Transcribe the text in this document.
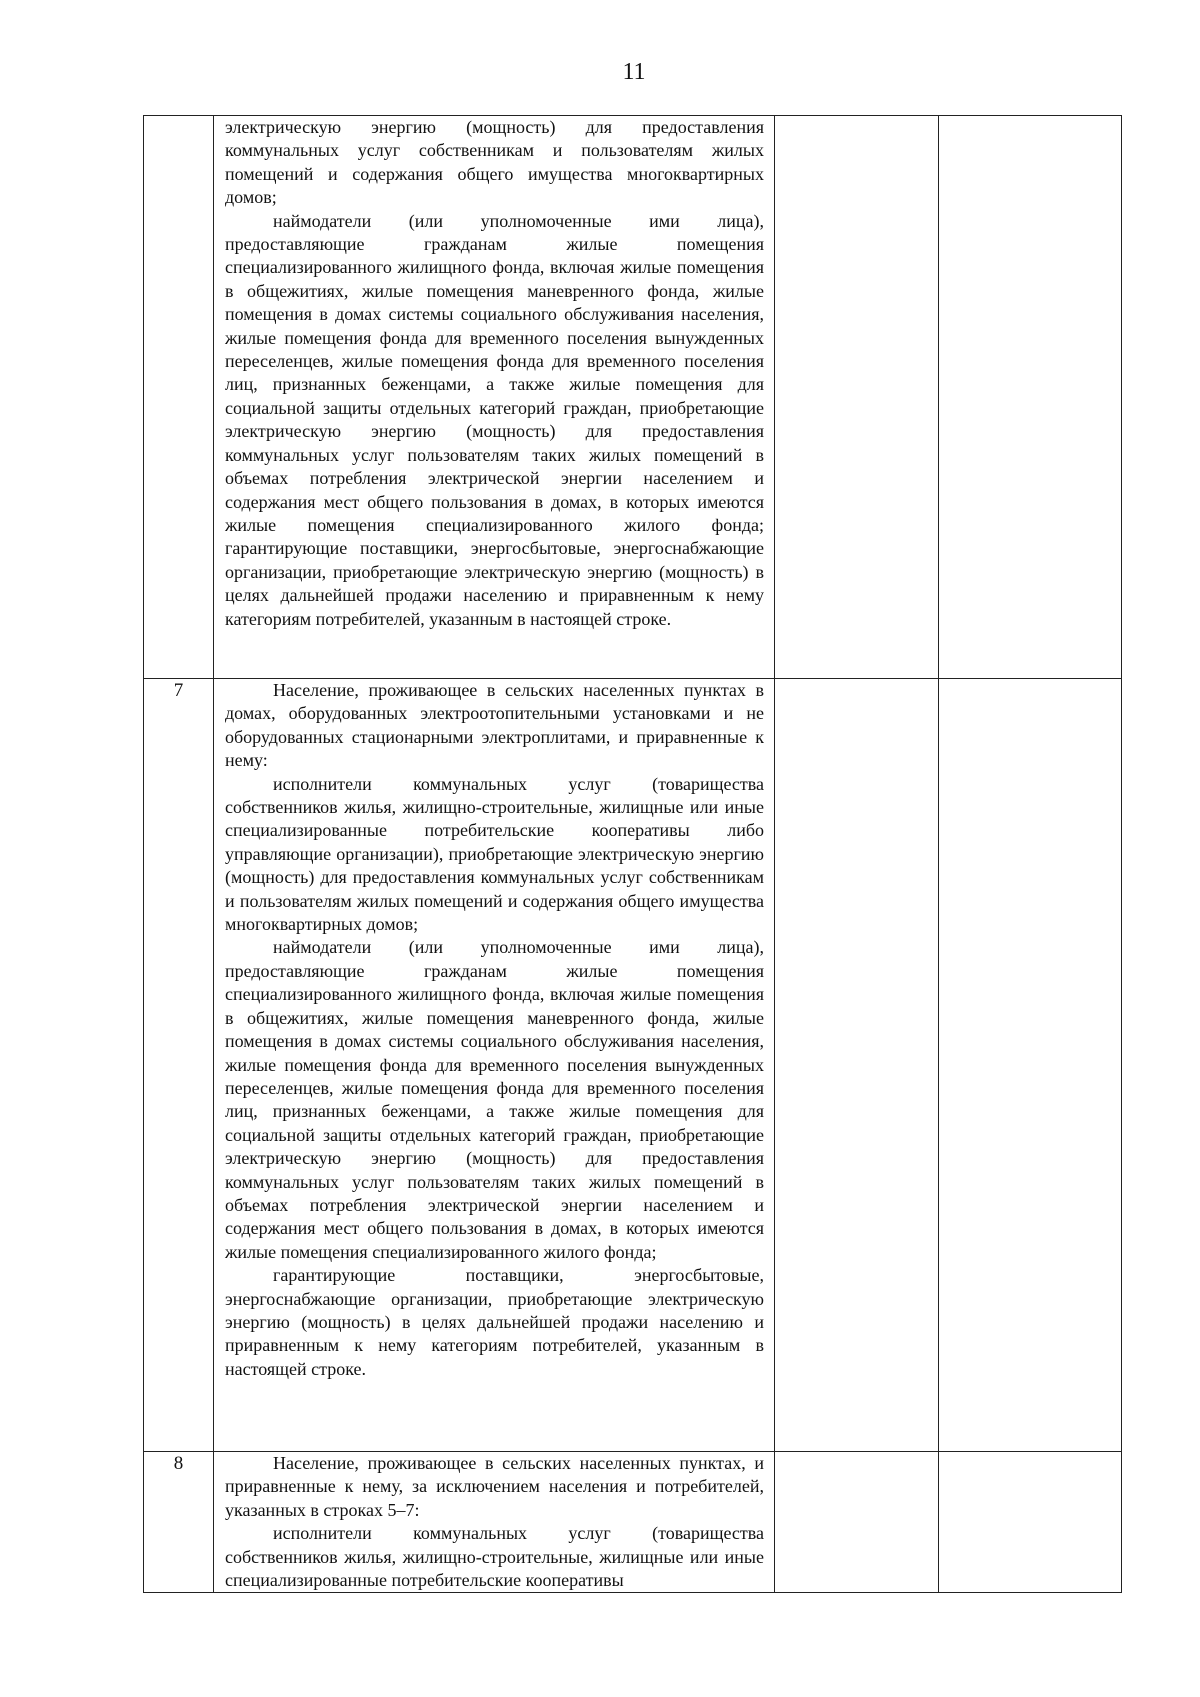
11

	электрическую энергию (мощность) для предоставления коммунальных услуг собственникам и пользователям жилых помещений и содержания общего имущества многоквартирных домов;

наймодатели (или уполномоченные ими лица), предоставляющие гражданам жилые помещения специализированного жилищного фонда, включая жилые помещения в общежитиях, жилые помещения маневренного фонда, жилые помещения в домах системы социального обслуживания населения, жилые помещения фонда для временного поселения вынужденных переселенцев, жилые помещения фонда для временного поселения лиц, признанных беженцами, а также жилые помещения для социальной защиты отдельных категорий граждан, приобретающие электрическую энергию (мощность) для предоставления коммунальных услуг пользователям таких жилых помещений в объемах потребления электрической энергии населением и содержания мест общего пользования в домах, в которых имеются жилые помещения специализированного жилого фонда; гарантирующие поставщики, энергосбытовые, энергоснабжающие организации, приобретающие электрическую энергию (мощность) в целях дальнейшей продажи населению и приравненным к нему категориям потребителей, указанным в настоящей строке.		

7	Население, проживающее в сельских населенных пунктах в домах, оборудованных электроотопительными установками и не оборудованных стационарными электроплитами, и приравненные к нему:

исполнители коммунальных услуг (товарищества собственников жилья, жилищно-строительные, жилищные или иные специализированные потребительские кооперативы либо управляющие организации), приобретающие электрическую энергию (мощность) для предоставления коммунальных услуг собственникам и пользователям жилых помещений и содержания общего имущества многоквартирных домов;

наймодатели (или уполномоченные ими лица), предоставляющие гражданам жилые помещения специализированного жилищного фонда, включая жилые помещения в общежитиях, жилые помещения маневренного фонда, жилые помещения в домах системы социального обслуживания населения, жилые помещения фонда для временного поселения вынужденных переселенцев, жилые помещения фонда для временного поселения лиц, признанных беженцами, а также жилые помещения для социальной защиты отдельных категорий граждан, приобретающие электрическую энергию (мощность) для предоставления коммунальных услуг пользователям таких жилых помещений в объемах потребления электрической энергии населением и содержания мест общего пользования в домах, в которых имеются жилые помещения специализированного жилого фонда;

гарантирующие поставщики, энергосбытовые, энергоснабжающие организации, приобретающие электрическую энергию (мощность) в целях дальнейшей продажи населению и приравненным к нему категориям потребителей, указанным в настоящей строке.		

8	Население, проживающее в сельских населенных пунктах, и приравненные к нему, за исключением населения и потребителей, указанных в строках 5–7:

исполнители коммунальных услуг (товарищества собственников жилья, жилищно-строительные, жилищные или иные специализированные потребительские кооперативы		
